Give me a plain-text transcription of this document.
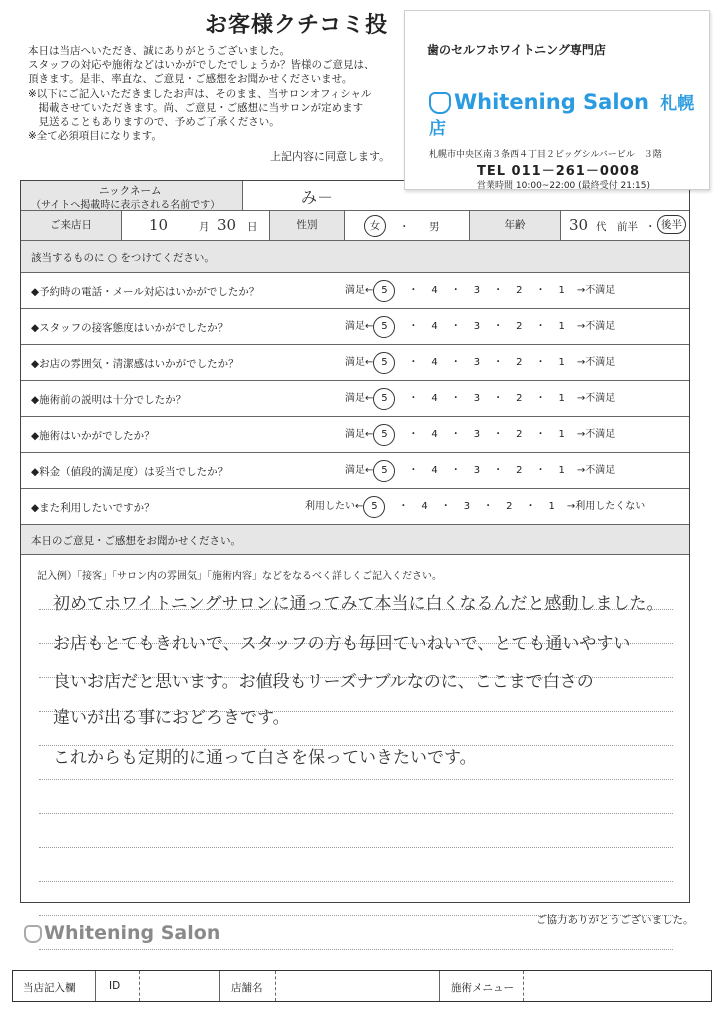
お客様クチコミ投
本日は当店へいただき、誠にありがとうございました。
スタッフの対応や施術などはいかがでしたでしょうか？皆様のご意見は、
頂きます。是非、率直な、ご意見・ご感想をお聞かせくださいませ。
※以下にご記入いただきましたお声は、そのまま、当サロンオフィシャル
　掲載させていただきます。尚、ご意見・ご感想に当サロンが定めます
　見送ることもありますので、予めご了承ください。
※全て必須項目になります。
上記内容に同意します。
ニックネーム
（サイトへ掲載時に表示される名前です）	み－
ご来店日	10	月 30 日	性別	女	・ 男	年齢	30 代 前半 ・ 後半
該当するものに ○ をつけてください。
◆予約時の電話・メール対応はいかがでしたか？	満足← 5 ・ 4 ・ 3 ・ 2 ・ 1 →不満足
◆スタッフの接客態度はいかがでしたか？	満足← 5 ・ 4 ・ 3 ・ 2 ・ 1 →不満足
◆お店の雰囲気・清潔感はいかがでしたか？	満足← 5 ・ 4 ・ 3 ・ 2 ・ 1 →不満足
◆施術前の説明は十分でしたか？	満足← 5 ・ 4 ・ 3 ・ 2 ・ 1 →不満足
◆施術はいかがでしたか？	満足← 5 ・ 4 ・ 3 ・ 2 ・ 1 →不満足
◆料金（値段的満足度）は妥当でしたか？	満足← 5 ・ 4 ・ 3 ・ 2 ・ 1 →不満足
◆また利用したいですか？	利用したい← 5 ・ 4 ・ 3 ・ 2 ・ 1 →利用したくない
本日のご意見・ご感想をお聞かせください。
記入例）「接客」「サロン内の雰囲気」「施術内容」などをなるべく詳しくご記入ください。
初めてホワイトニングサロンに通ってみて本当に白くなるんだと感動しました。
お店もとてもきれいで、スタッフの方も毎回ていねいで、とても通いやすい
良いお店だと思います。お値段もリーズナブルなのに、ここまで白さの
違いが出る事におどろきです。
これからも定期的に通って白さを保っていきたいです。
歯のセルフホワイトニング専門店
Whitening Salon 札幌店
札幌市中央区南３条西４丁目２ビッグシルバービル　３階
TEL 011－261－0008
営業時間 10:00~22:00 (最終受付 21:15)
Whitening Salon
ご協力ありがとうございました。
当店記入欄	ID	店舗名	施術メニュー
